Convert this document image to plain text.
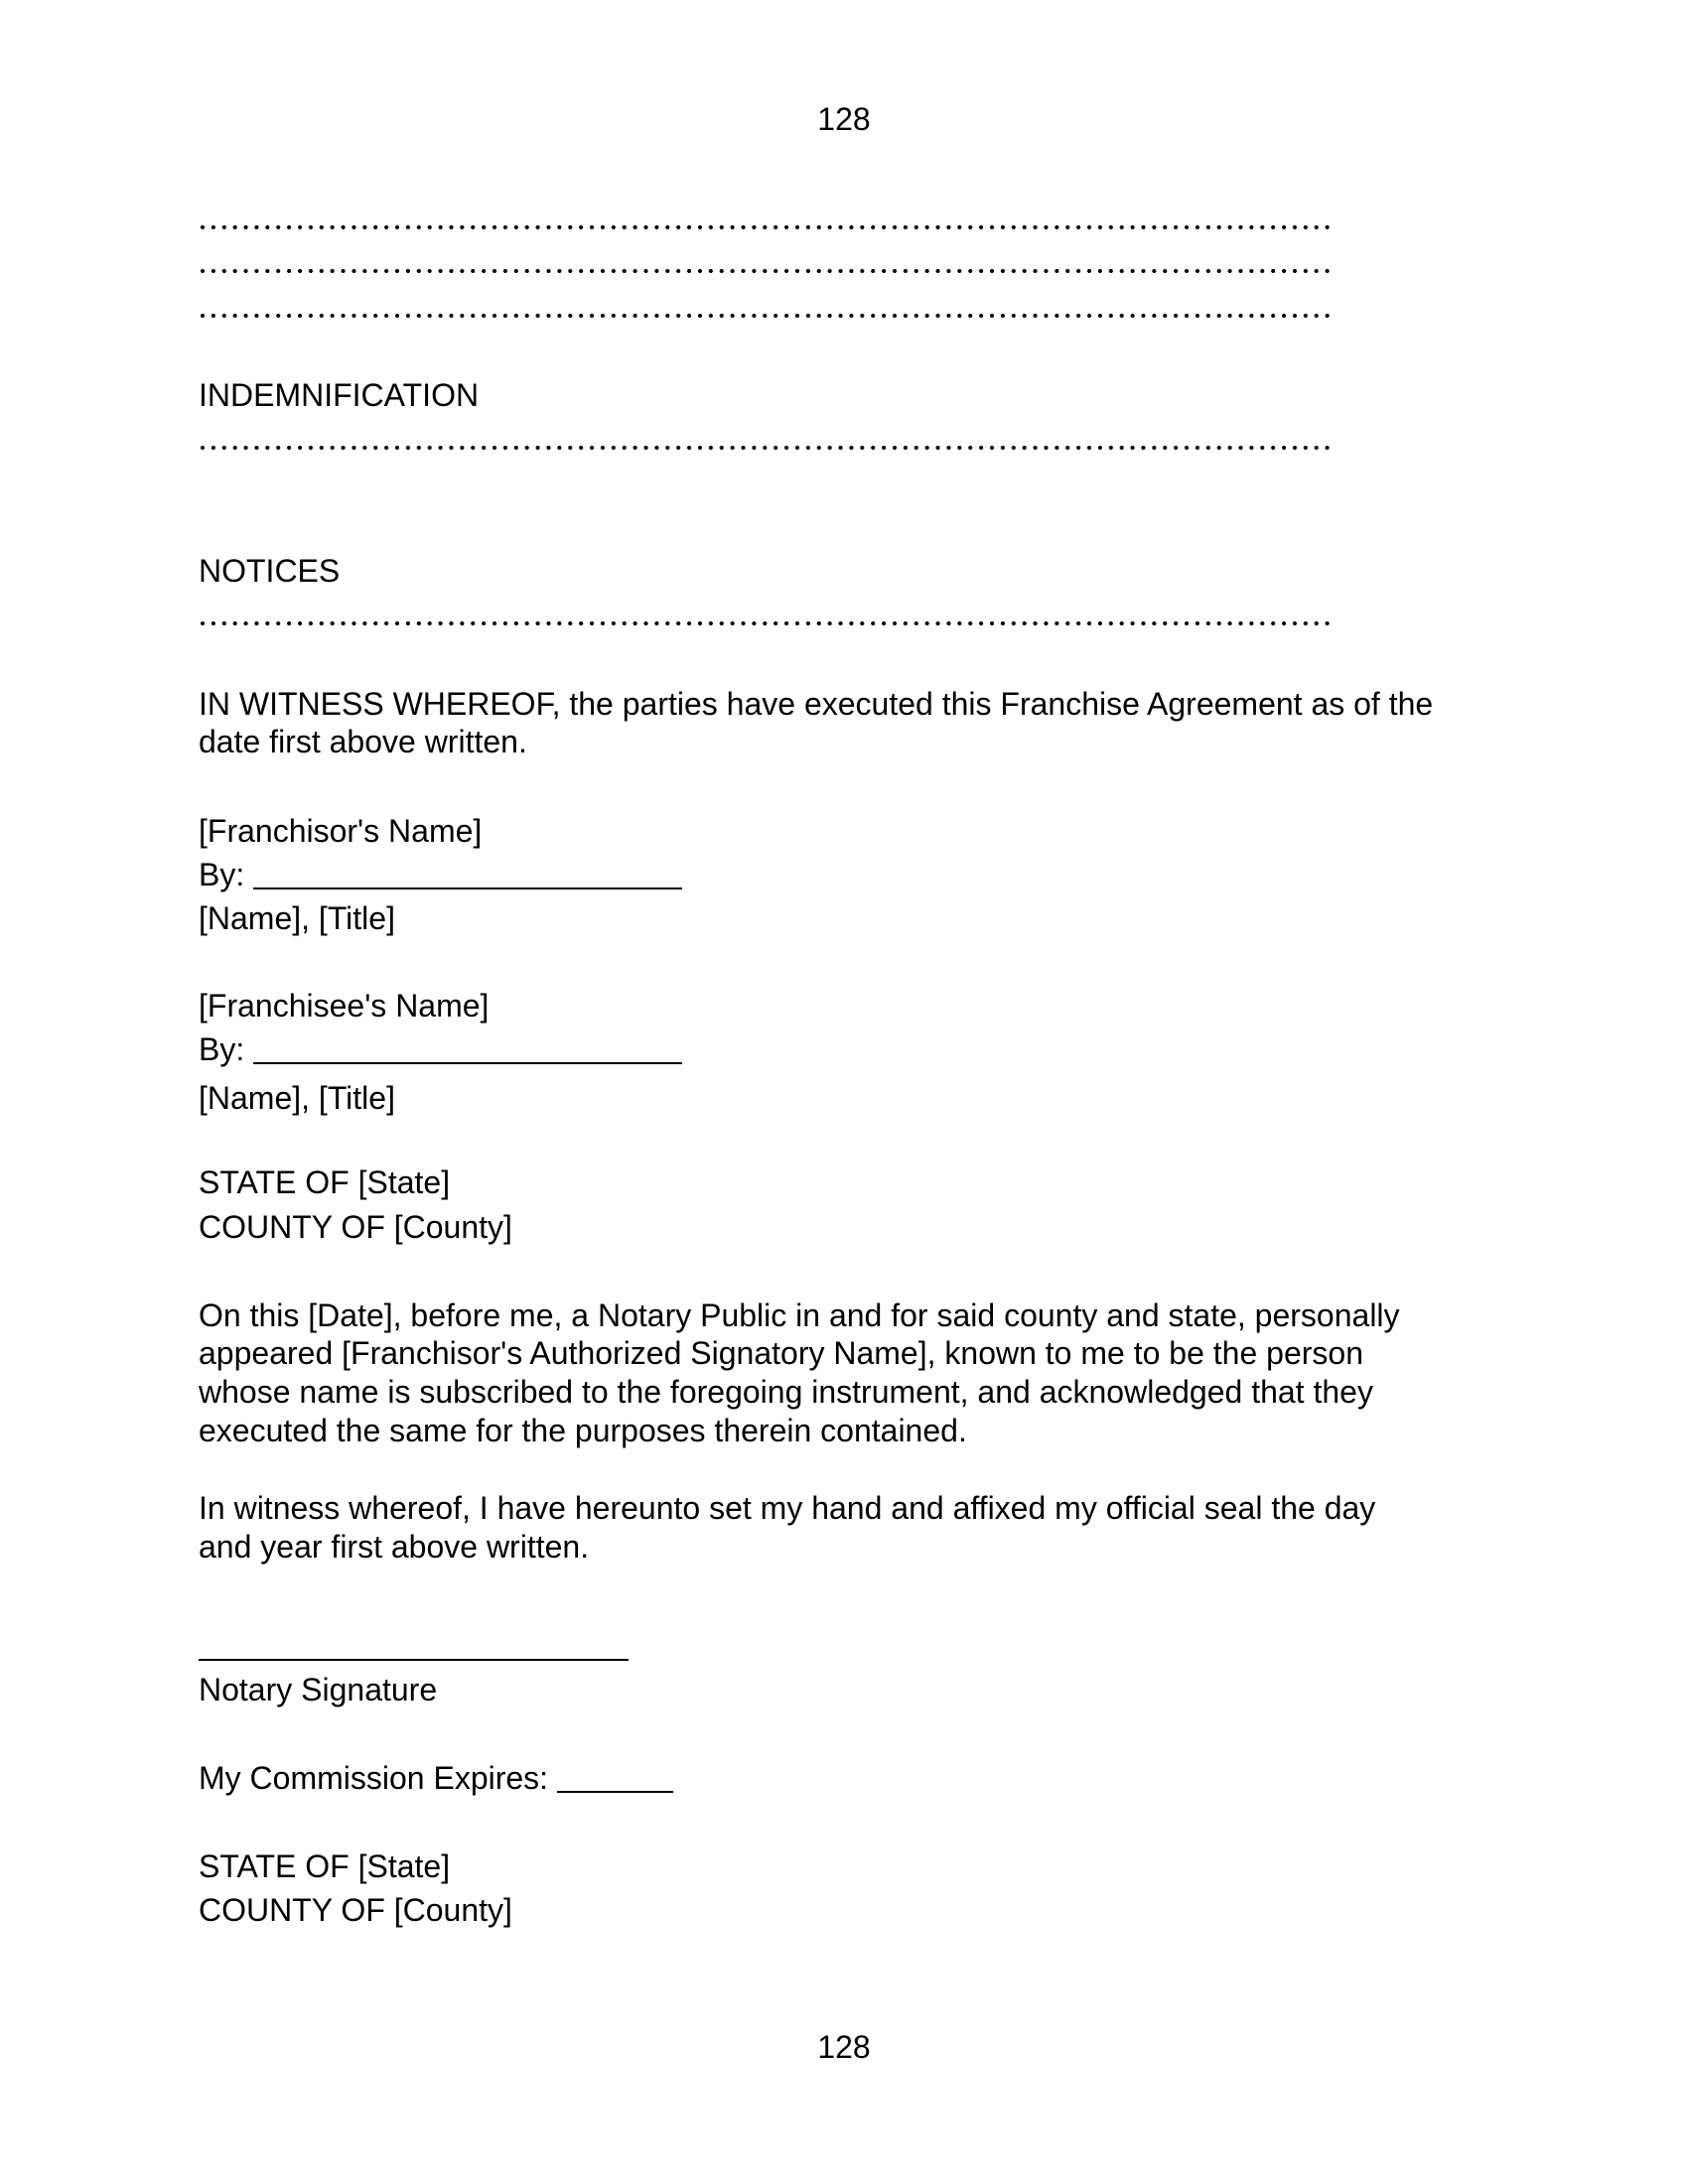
128
INDEMNIFICATION
NOTICES
IN WITNESS WHEREOF, the parties have executed this Franchise Agreement as of the
date first above written.
[Franchisor's Name]
By:
[Name], [Title]
[Franchisee's Name]
By:
[Name], [Title]
STATE OF [State]
COUNTY OF [County]
On this [Date], before me, a Notary Public in and for said county and state, personally
appeared [Franchisor's Authorized Signatory Name], known to me to be the person
whose name is subscribed to the foregoing instrument, and acknowledged that they
executed the same for the purposes therein contained.
In witness whereof, I have hereunto set my hand and affixed my official seal the day
and year first above written.
Notary Signature
My Commission Expires:
STATE OF [State]
COUNTY OF [County]
128
